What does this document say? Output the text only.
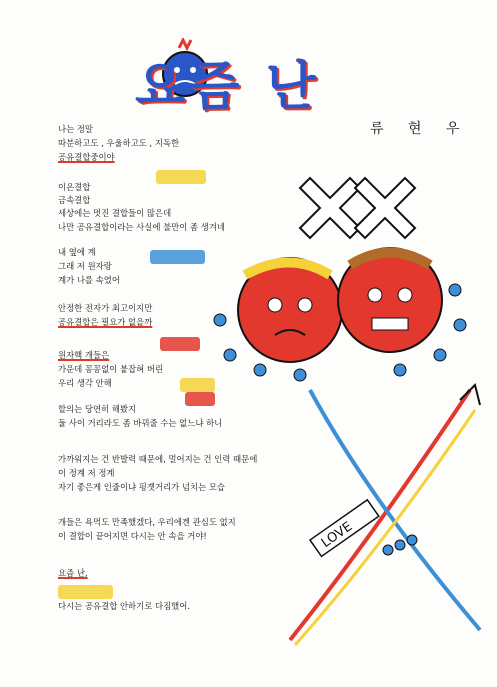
요즘 난
류 현 우
나는 정말
따분하고도 , 우울하고도 , 지독한
공유결합중이야
이온결합
금속결합
세상에는 멋진 결합들이 많은데
나만 공유결합이라는 사실에 불만이 좀 생겨네
내 옆에 계
그래 저 원자랑
계가 나를 속였어
안정한 전자가 최고이지만
공유결합은 필요가 없을까
원자핵 개들은
가운데 꽁꽁없이 붙잡혀 버린
우리 생각 안해
할의는 당연히 해봤지
둘 사이 거리라도 좀 바꿔줄 수는 없느냐 하니
가까워지는 건 반발력 때문에, 멀어지는 건 인력 때문에
이 정계 저 정계
자기 좋은게 인줄이냐 핑곗거리가 넘치는 모습
개들은 욕먹도 만족했겠다, 우리에겐 관심도 없지
이 결합이 끝어지면 다시는 안 속을 거야!
요즘 난,
다시는 공유결합 안하기로 다짐했어.
LOVE
